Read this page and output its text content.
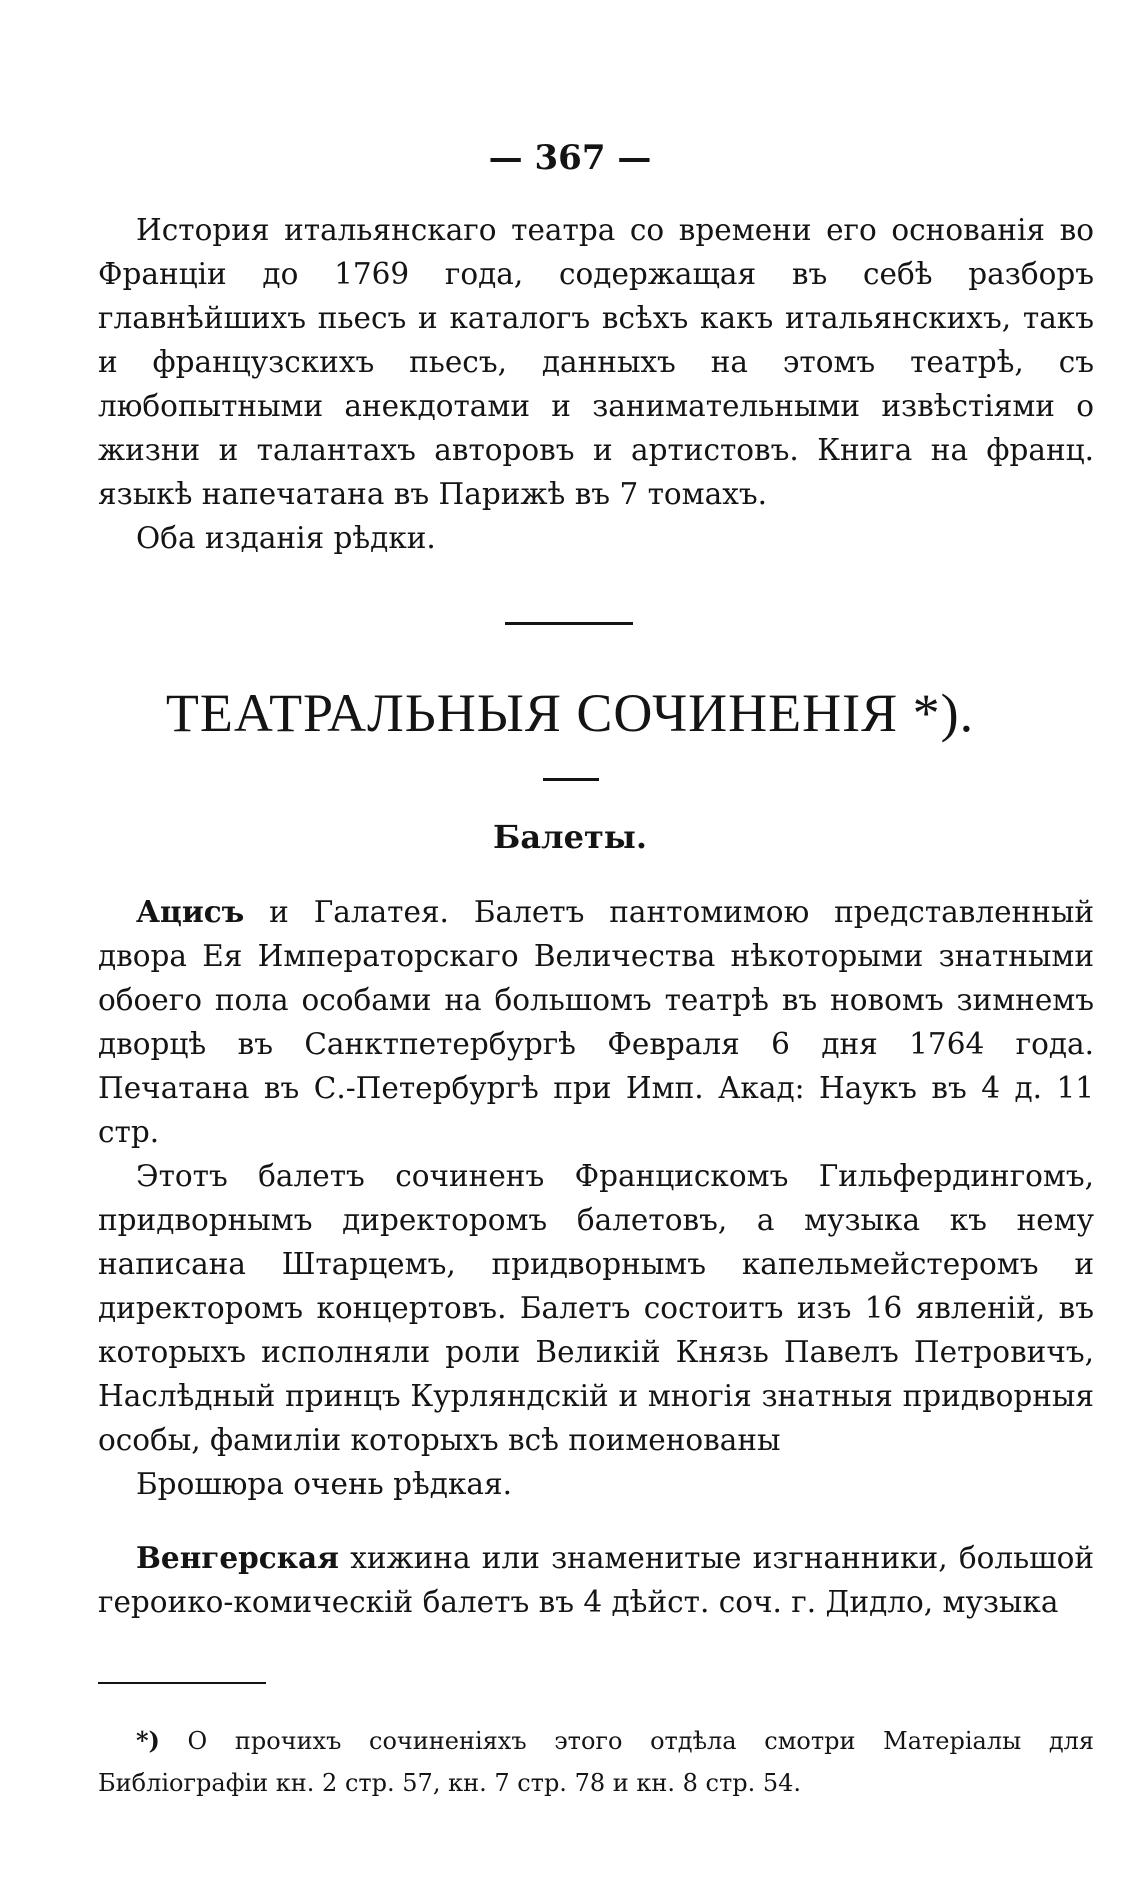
— 367 —

История итальянскаго театра со времени его основанія во Франціи до 1769 года, содержащая въ себѣ разборъ главнѣйшихъ пьесъ и каталогъ всѣхъ какъ итальянскихъ, такъ и французскихъ пьесъ, данныхъ на этомъ театрѣ, съ любопытными анекдотами и занимательными извѣстіями о жизни и талантахъ авторовъ и артистовъ. Книга на франц. языкѣ напечатана въ Парижѣ въ 7 томахъ.

Оба изданія рѣдки.

ТЕАТРАЛЬНЫЯ СОЧИНЕНІЯ *).
Балеты.

Ацисъ и Галатея. Балетъ пантомимою представленный двора Ея Императорскаго Величества нѣкоторыми знатными обоего пола особами на большомъ театрѣ въ новомъ зимнемъ дворцѣ въ Санктпетербургѣ Февраля 6 дня 1764 года. Печатана въ С.-Петербургѣ при Имп. Акад: Наукъ въ 4 д. 11 стр.

Этотъ балетъ сочиненъ Францискомъ Гильфердингомъ, придворнымъ директоромъ балетовъ, а музыка къ нему написана Штарцемъ, придворнымъ капельмейстеромъ и директоромъ концертовъ. Балетъ состоитъ изъ 16 явленій, въ которыхъ исполняли роли Великій Князь Павелъ Петровичъ, Наслѣдный принцъ Курляндскій и многія знатныя придворныя особы, фамиліи которыхъ всѣ поименованы

Брошюра очень рѣдкая.

Венгерская хижина или знаменитые изгнанники, большой героико-комическій балетъ въ 4 дѣйст. соч. г. Дидло, музыка

*) О прочихъ сочиненіяхъ этого отдѣла смотри Матеріалы для Библіографіи кн. 2 стр. 57, кн. 7 стр. 78 и кн. 8 стр. 54.
